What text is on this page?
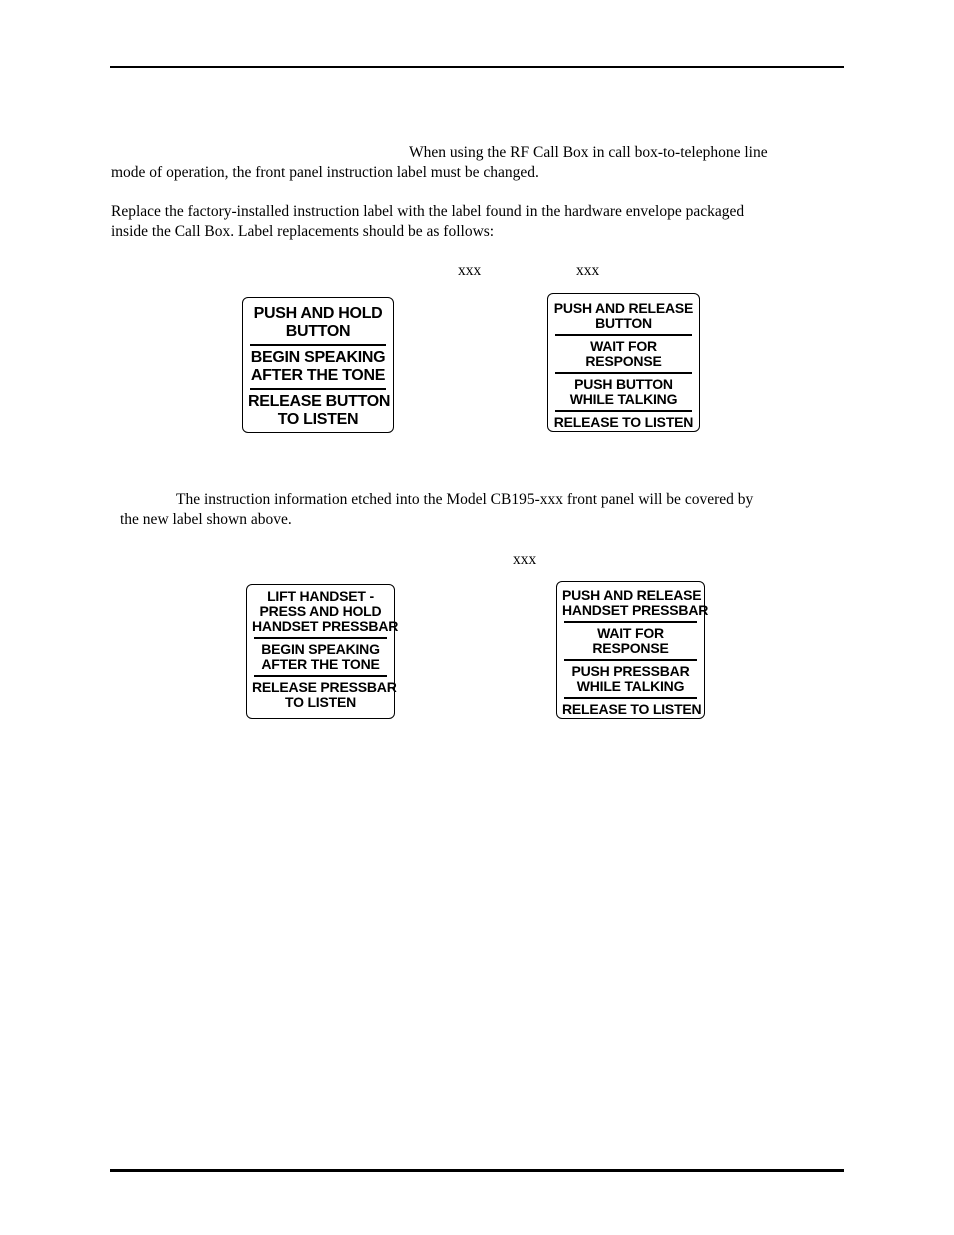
When using the RF Call Box in call box-to-telephone line
mode of operation, the front panel instruction label must be changed.
Replace the factory-installed instruction label with the label found in the hardware envelope packaged
inside the Call Box. Label replacements should be as follows:
xxx	xxx
PUSH AND HOLD
BUTTON
BEGIN SPEAKING
AFTER THE TONE
RELEASE BUTTON
TO LISTEN
PUSH AND RELEASE
BUTTON
WAIT FOR
RESPONSE
PUSH BUTTON
WHILE TALKING
RELEASE TO LISTEN
The instruction information etched into the Model CB195-xxx front panel will be covered by
the new label shown above.
xxx
LIFT HANDSET -
PRESS AND HOLD
HANDSET PRESSBAR
BEGIN SPEAKING
AFTER THE TONE
RELEASE PRESSBAR
TO LISTEN
PUSH AND RELEASE
HANDSET PRESSBAR
WAIT FOR
RESPONSE
PUSH PRESSBAR
WHILE TALKING
RELEASE TO LISTEN
